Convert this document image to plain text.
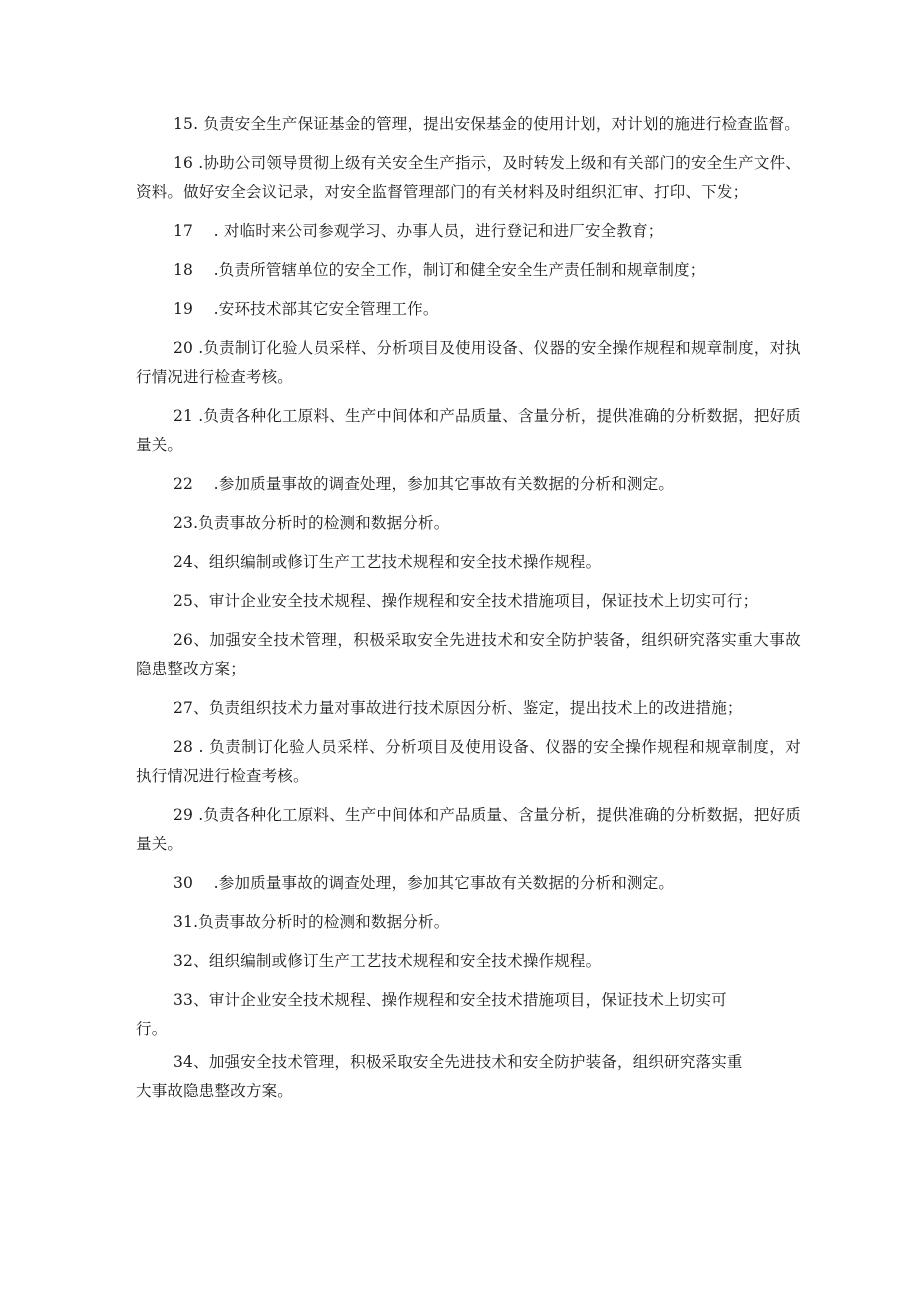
15. 负责安全生产保证基金的管理，提出安保基金的使用计划，对计划的施进行检查监督。

16 .协助公司领导贯彻上级有关安全生产指示，及时转发上级和有关部门的安全生产文件、资料。做好安全会议记录，对安全监督管理部门的有关材料及时组织汇审、打印、下发；

17    . 对临时来公司参观学习、办事人员，进行登记和进厂安全教育；

18    .负责所管辖单位的安全工作，制订和健全安全生产责任制和规章制度；

19    .安环技术部其它安全管理工作。

20 .负责制订化验人员采样、分析项目及使用设备、仪器的安全操作规程和规章制度，对执行情况进行检查考核。

21 .负责各种化工原料、生产中间体和产品质量、含量分析，提供准确的分析数据，把好质量关。

22    .参加质量事故的调查处理，参加其它事故有关数据的分析和测定。

23.负责事故分析时的检测和数据分析。

24、组织编制或修订生产工艺技术规程和安全技术操作规程。

25、审计企业安全技术规程、操作规程和安全技术措施项目，保证技术上切实可行；

26、加强安全技术管理，积极采取安全先进技术和安全防护装备，组织研究落实重大事故隐患整改方案；

27、负责组织技术力量对事故进行技术原因分析、鉴定，提出技术上的改进措施；

28 . 负责制订化验人员采样、分析项目及使用设备、仪器的安全操作规程和规章制度，对执行情况进行检查考核。

29 .负责各种化工原料、生产中间体和产品质量、含量分析，提供准确的分析数据，把好质量关。

30    .参加质量事故的调查处理，参加其它事故有关数据的分析和测定。

31.负责事故分析时的检测和数据分析。

32、组织编制或修订生产工艺技术规程和安全技术操作规程。

33、审计企业安全技术规程、操作规程和安全技术措施项目，保证技术上切实可行。

34、加强安全技术管理，积极采取安全先进技术和安全防护装备，组织研究落实重大事故隐患整改方案。
